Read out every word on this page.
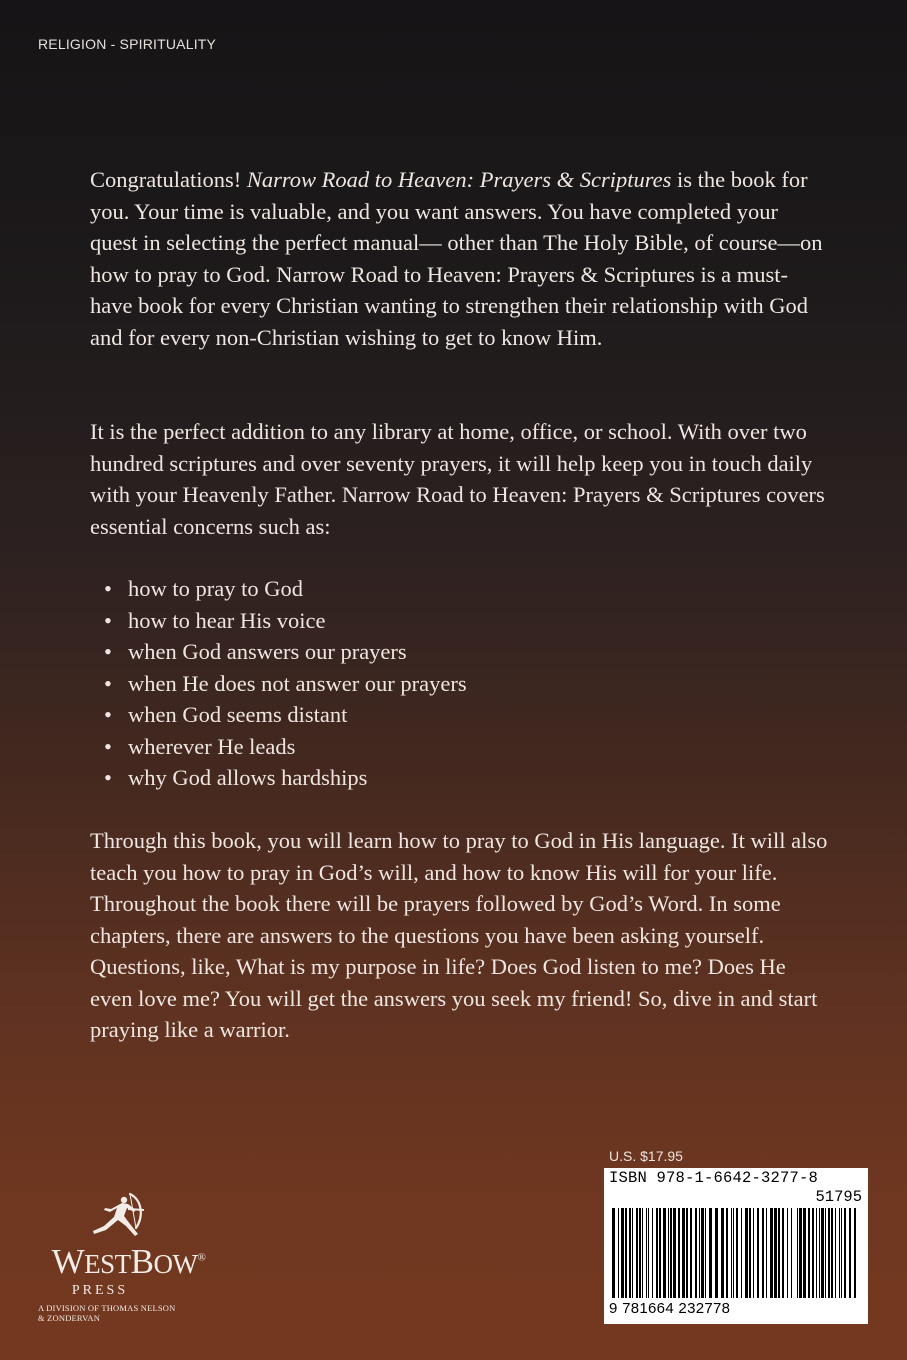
RELIGION - SPIRITUALITY

Congratulations! Narrow Road to Heaven: Prayers & Scriptures is the book for you. Your time is valuable, and you want answers. You have completed your quest in selecting the perfect manual— other than The Holy Bible, of course—on how to pray to God. Narrow Road to Heaven: Prayers & Scriptures is a must-have book for every Christian wanting to strengthen their relationship with God and for every non-Christian wishing to get to know Him.

It is the perfect addition to any library at home, office, or school. With over two hundred scriptures and over seventy prayers, it will help keep you in touch daily with your Heavenly Father. Narrow Road to Heaven: Prayers & Scriptures covers essential concerns such as:

• how to pray to God
• how to hear His voice
• when God answers our prayers
• when He does not answer our prayers
• when God seems distant
• wherever He leads
• why God allows hardships

Through this book, you will learn how to pray to God in His language. It will also teach you how to pray in God’s will, and how to know His will for your life. Throughout the book there will be prayers followed by God’s Word. In some chapters, there are answers to the questions you have been asking yourself. Questions, like, What is my purpose in life? Does God listen to me? Does He even love me? You will get the answers you seek my friend! So, dive in and start praying like a warrior.

WESTBOW®
PRESS
A DIVISION OF THOMAS NELSON
& ZONDERVAN
U.S. $17.95
ISBN 978-1-6642-3277-8
51795
9 781664 232778
